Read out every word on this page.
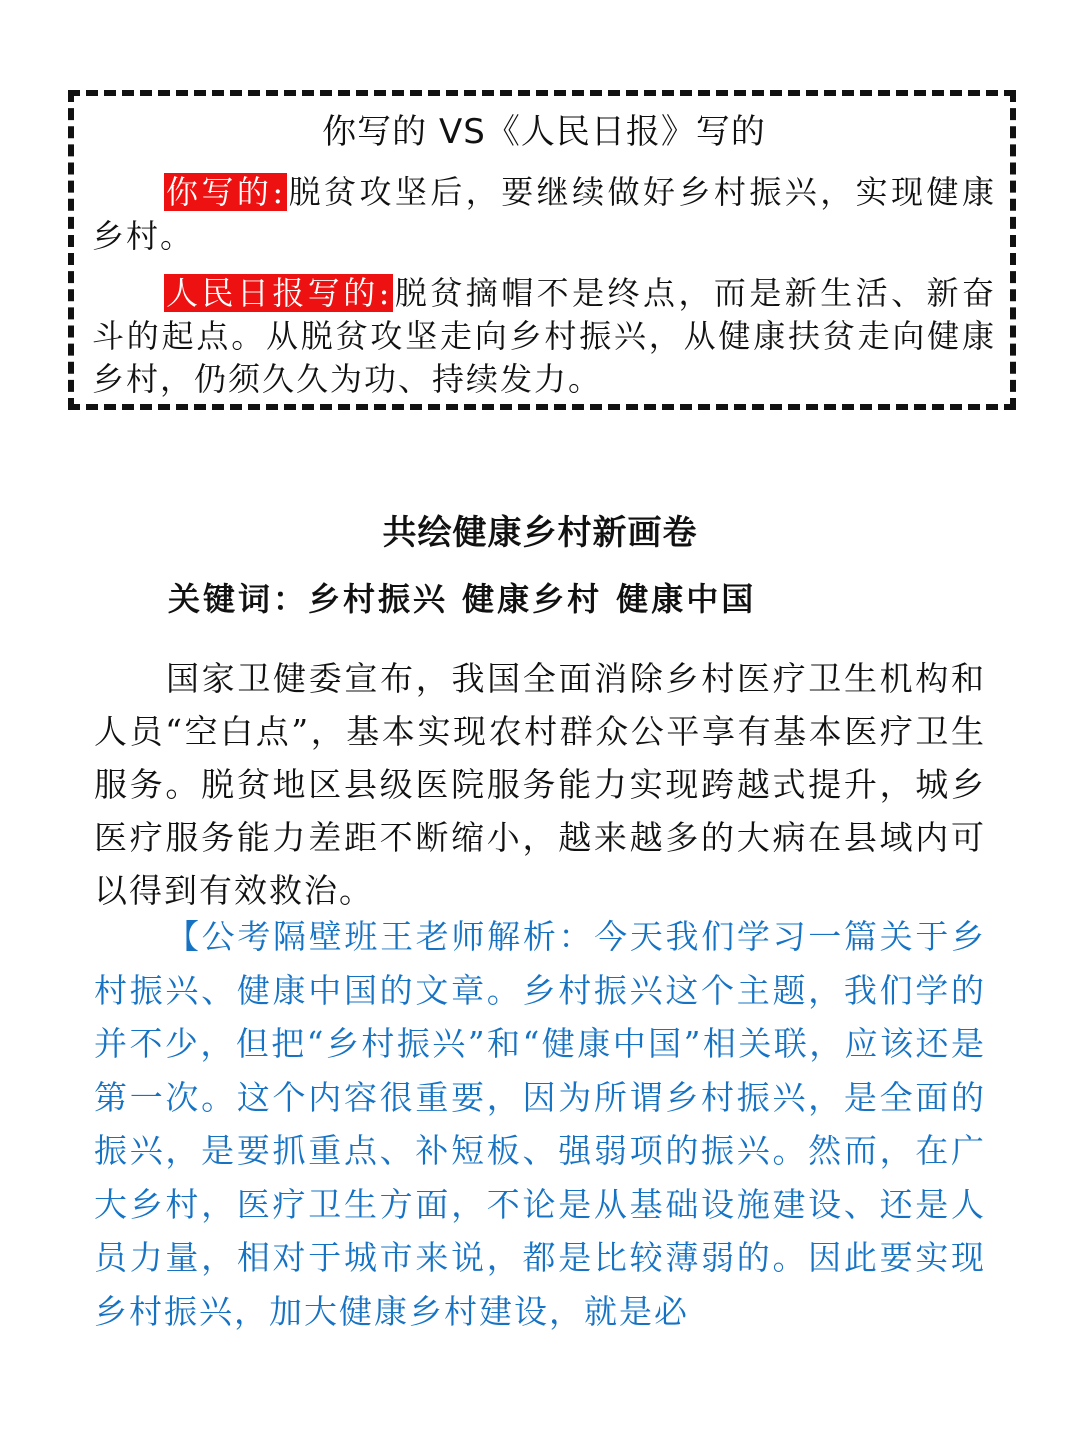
你写的 VS《人民日报》写的

你写的:脱贫攻坚后，要继续做好乡村振兴，实现健康乡村。

人民日报写的:脱贫摘帽不是终点，而是新生活、新奋斗的起点。从脱贫攻坚走向乡村振兴，从健康扶贫走向健康乡村，仍须久久为功、持续发力。

共绘健康乡村新画卷

关键词：乡村振兴 健康乡村 健康中国

国家卫健委宣布，我国全面消除乡村医疗卫生机构和人员“空白点”，基本实现农村群众公平享有基本医疗卫生服务。脱贫地区县级医院服务能力实现跨越式提升，城乡医疗服务能力差距不断缩小，越来越多的大病在县域内可以得到有效救治。

【公考隔壁班王老师解析：今天我们学习一篇关于乡村振兴、健康中国的文章。乡村振兴这个主题，我们学的并不少，但把“乡村振兴”和“健康中国”相关联，应该还是第一次。这个内容很重要，因为所谓乡村振兴，是全面的振兴，是要抓重点、补短板、强弱项的振兴。然而，在广大乡村，医疗卫生方面，不论是从基础设施建设、还是人员力量，相对于城市来说，都是比较薄弱的。因此要实现乡村振兴，加大健康乡村建设，就是必
